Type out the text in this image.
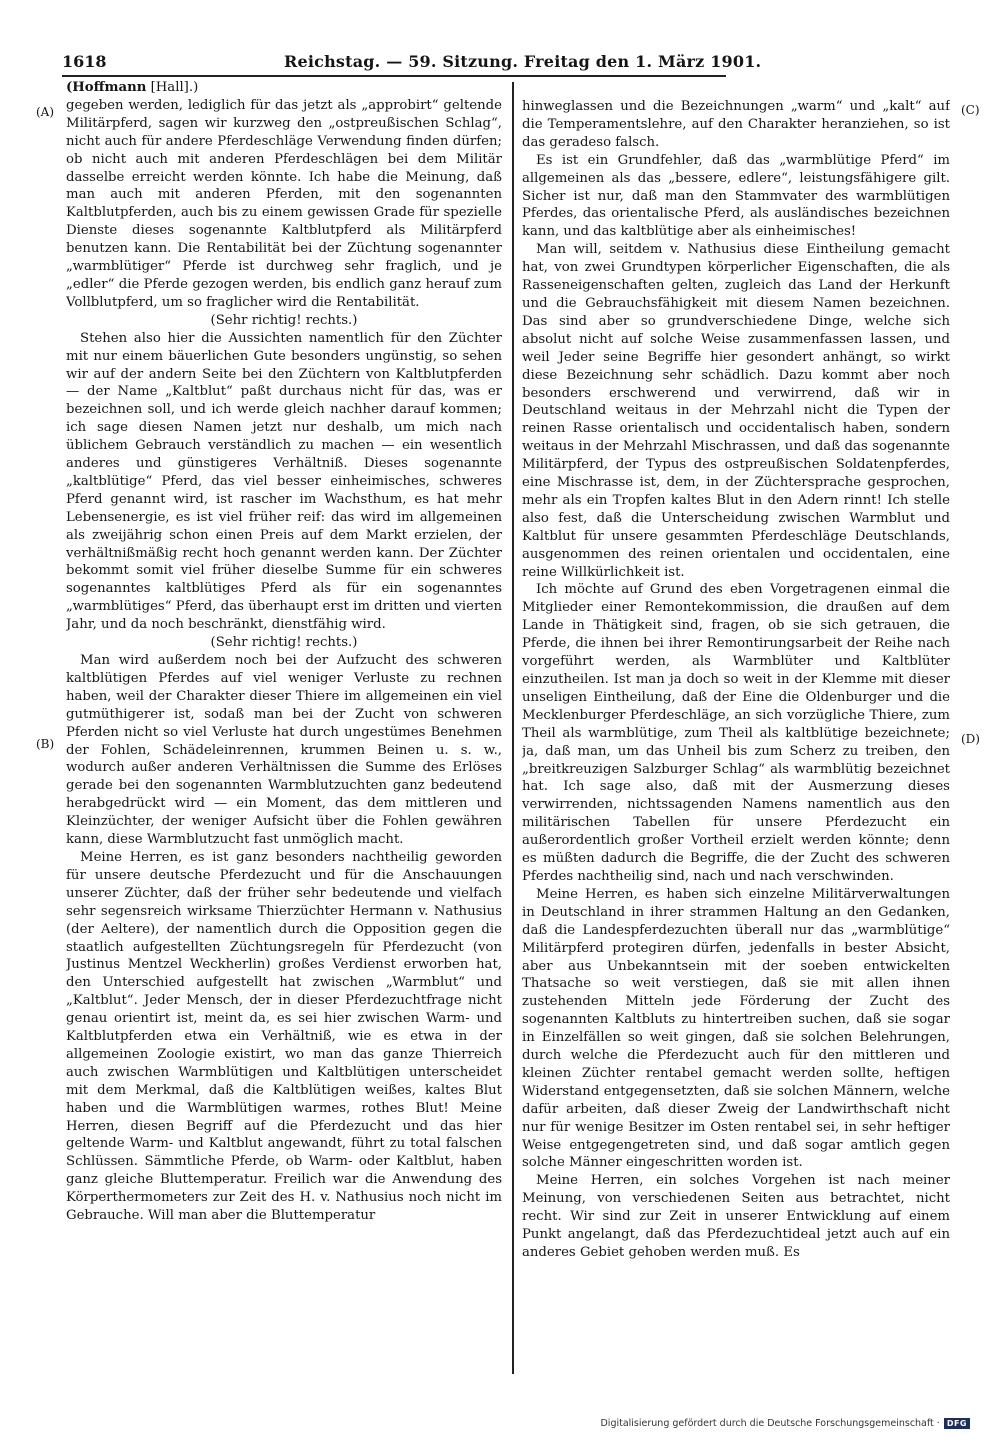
1618	Reichstag. — 59. Sitzung. Freitag den 1. März 1901.
(A)
(B)
(C)
(D)

(Hoffmann [Hall].)

gegeben werden, lediglich für das jetzt als „approbirt“ geltende Militärpferd, sagen wir kurzweg den „ostpreußischen Schlag“, nicht auch für andere Pferdeschläge Verwendung finden dürfen; ob nicht auch mit anderen Pferdeschlägen bei dem Militär dasselbe erreicht werden könnte. Ich habe die Meinung, daß man auch mit anderen Pferden, mit den sogenannten Kaltblutpferden, auch bis zu einem gewissen Grade für spezielle Dienste dieses sogenannte Kaltblutpferd als Militärpferd benutzen kann. Die Rentabilität bei der Züchtung sogenannter „warmblütiger“ Pferde ist durchweg sehr fraglich, und je „edler“ die Pferde gezogen werden, bis endlich ganz herauf zum Vollblutpferd, um so fraglicher wird die Rentabilität.

(Sehr richtig! rechts.)

Stehen also hier die Aussichten namentlich für den Züchter mit nur einem bäuerlichen Gute besonders ungünstig, so sehen wir auf der andern Seite bei den Züchtern von Kaltblutpferden — der Name „Kaltblut“ paßt durchaus nicht für das, was er bezeichnen soll, und ich werde gleich nachher darauf kommen; ich sage diesen Namen jetzt nur deshalb, um mich nach üblichem Gebrauch verständlich zu machen — ein wesentlich anderes und günstigeres Verhältniß. Dieses sogenannte „kaltblütige“ Pferd, das viel besser einheimisches, schweres Pferd genannt wird, ist rascher im Wachsthum, es hat mehr Lebensenergie, es ist viel früher reif: das wird im allgemeinen als zweijährig schon einen Preis auf dem Markt erzielen, der verhältnißmäßig recht hoch genannt werden kann. Der Züchter bekommt somit viel früher dieselbe Summe für ein schweres sogenanntes kaltblütiges Pferd als für ein sogenanntes „warmblütiges“ Pferd, das überhaupt erst im dritten und vierten Jahr, und da noch beschränkt, dienstfähig wird.

(Sehr richtig! rechts.)

Man wird außerdem noch bei der Aufzucht des schweren kaltblütigen Pferdes auf viel weniger Verluste zu rechnen haben, weil der Charakter dieser Thiere im allgemeinen ein viel gutmüthigerer ist, sodaß man bei der Zucht von schweren Pferden nicht so viel Verluste hat durch ungestümes Benehmen der Fohlen, Schädeleinrennen, krummen Beinen u. s. w., wodurch außer anderen Verhältnissen die Summe des Erlöses gerade bei den sogenannten Warmblutzuchten ganz bedeutend herabgedrückt wird — ein Moment, das dem mittleren und Kleinzüchter, der weniger Aufsicht über die Fohlen gewähren kann, diese Warmblutzucht fast unmöglich macht.

Meine Herren, es ist ganz besonders nachtheilig geworden für unsere deutsche Pferdezucht und für die Anschauungen unserer Züchter, daß der früher sehr bedeutende und vielfach sehr segensreich wirksame Thierzüchter Hermann v. Nathusius (der Aeltere), der namentlich durch die Opposition gegen die staatlich aufgestellten Züchtungsregeln für Pferdezucht (von Justinus Mentzel Weckherlin) großes Verdienst erworben hat, den Unterschied aufgestellt hat zwischen „Warmblut“ und „Kaltblut“. Jeder Mensch, der in dieser Pferdezuchtfrage nicht genau orientirt ist, meint da, es sei hier zwischen Warm- und Kaltblutpferden etwa ein Verhältniß, wie es etwa in der allgemeinen Zoologie existirt, wo man das ganze Thierreich auch zwischen Warmblütigen und Kaltblütigen unterscheidet mit dem Merkmal, daß die Kaltblütigen weißes, kaltes Blut haben und die Warmblütigen warmes, rothes Blut! Meine Herren, diesen Begriff auf die Pferdezucht und das hier geltende Warm- und Kaltblut angewandt, führt zu total falschen Schlüssen. Sämmtliche Pferde, ob Warm- oder Kaltblut, haben ganz gleiche Bluttemperatur. Freilich war die Anwendung des Körperthermometers zur Zeit des H. v. Nathusius noch nicht im Gebrauche. Will man aber die Bluttemperatur

hinweglassen und die Bezeichnungen „warm“ und „kalt“ auf die Temperamentslehre, auf den Charakter heranziehen, so ist das geradeso falsch.

Es ist ein Grundfehler, daß das „warmblütige Pferd“ im allgemeinen als das „bessere, edlere“, leistungsfähigere gilt. Sicher ist nur, daß man den Stammvater des warmblütigen Pferdes, das orientalische Pferd, als ausländisches bezeichnen kann, und das kaltblütige aber als einheimisches!

Man will, seitdem v. Nathusius diese Eintheilung gemacht hat, von zwei Grundtypen körperlicher Eigenschaften, die als Rasseneigenschaften gelten, zugleich das Land der Herkunft und die Gebrauchsfähigkeit mit diesem Namen bezeichnen. Das sind aber so grundverschiedene Dinge, welche sich absolut nicht auf solche Weise zusammenfassen lassen, und weil Jeder seine Begriffe hier gesondert anhängt, so wirkt diese Bezeichnung sehr schädlich. Dazu kommt aber noch besonders erschwerend und verwirrend, daß wir in Deutschland weitaus in der Mehrzahl nicht die Typen der reinen Rasse orientalisch und occidentalisch haben, sondern weitaus in der Mehrzahl Mischrassen, und daß das sogenannte Militärpferd, der Typus des ostpreußischen Soldatenpferdes, eine Mischrasse ist, dem, in der Züchtersprache gesprochen, mehr als ein Tropfen kaltes Blut in den Adern rinnt! Ich stelle also fest, daß die Unterscheidung zwischen Warmblut und Kaltblut für unsere gesammten Pferdeschläge Deutschlands, ausgenommen des reinen orientalen und occidentalen, eine reine Willkürlichkeit ist.

Ich möchte auf Grund des eben Vorgetragenen einmal die Mitglieder einer Remontekommission, die draußen auf dem Lande in Thätigkeit sind, fragen, ob sie sich getrauen, die Pferde, die ihnen bei ihrer Remontirungsarbeit der Reihe nach vorgeführt werden, als Warmblüter und Kaltblüter einzutheilen. Ist man ja doch so weit in der Klemme mit dieser unseligen Eintheilung, daß der Eine die Oldenburger und die Mecklenburger Pferdeschläge, an sich vorzügliche Thiere, zum Theil als warmblütige, zum Theil als kaltblütige bezeichnete; ja, daß man, um das Unheil bis zum Scherz zu treiben, den „breitkreuzigen Salzburger Schlag“ als warmblütig bezeichnet hat. Ich sage also, daß mit der Ausmerzung dieses verwirrenden, nichtssagenden Namens namentlich aus den militärischen Tabellen für unsere Pferdezucht ein außerordentlich großer Vortheil erzielt werden könnte; denn es müßten dadurch die Begriffe, die der Zucht des schweren Pferdes nachtheilig sind, nach und nach verschwinden.

Meine Herren, es haben sich einzelne Militärverwaltungen in Deutschland in ihrer strammen Haltung an den Gedanken, daß die Landespferdezuchten überall nur das „warmblütige“ Militärpferd protegiren dürfen, jedenfalls in bester Absicht, aber aus Unbekanntsein mit der soeben entwickelten Thatsache so weit verstiegen, daß sie mit allen ihnen zustehenden Mitteln jede Förderung der Zucht des sogenannten Kaltbluts zu hintertreiben suchen, daß sie sogar in Einzelfällen so weit gingen, daß sie solchen Belehrungen, durch welche die Pferdezucht auch für den mittleren und kleinen Züchter rentabel gemacht werden sollte, heftigen Widerstand entgegensetzten, daß sie solchen Männern, welche dafür arbeiten, daß dieser Zweig der Landwirthschaft nicht nur für wenige Besitzer im Osten rentabel sei, in sehr heftiger Weise entgegengetreten sind, und daß sogar amtlich gegen solche Männer eingeschritten worden ist.

Meine Herren, ein solches Vorgehen ist nach meiner Meinung, von verschiedenen Seiten aus betrachtet, nicht recht. Wir sind zur Zeit in unserer Entwicklung auf einem Punkt angelangt, daß das Pferdezuchtideal jetzt auch auf ein anderes Gebiet gehoben werden muß. Es

Digitalisierung gefördert durch die Deutsche Forschungsgemeinschaft · DFG
